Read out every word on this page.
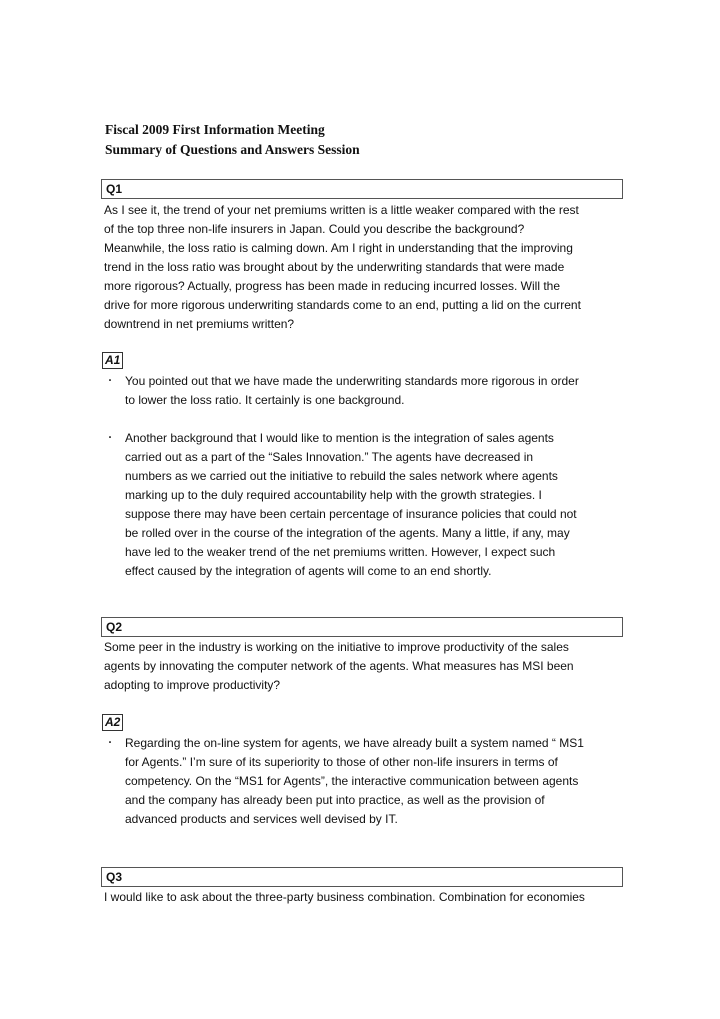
Fiscal 2009 First Information Meeting
Summary of Questions and Answers Session
Q1
As I see it, the trend of your net premiums written is a little weaker compared with the rest
of the top three non-life insurers in Japan. Could you describe the background?
Meanwhile, the loss ratio is calming down. Am I right in understanding that the improving
trend in the loss ratio was brought about by the underwriting standards that were made
more rigorous? Actually, progress has been made in reducing incurred losses. Will the
drive for more rigorous underwriting standards come to an end, putting a lid on the current
downtrend in net premiums written?
A1
・ You pointed out that we have made the underwriting standards more rigorous in order
to lower the loss ratio. It certainly is one background.
・ Another background that I would like to mention is the integration of sales agents
carried out as a part of the “Sales Innovation.” The agents have decreased in
numbers as we carried out the initiative to rebuild the sales network where agents
marking up to the duly required accountability help with the growth strategies. I
suppose there may have been certain percentage of insurance policies that could not
be rolled over in the course of the integration of the agents. Many a little, if any, may
have led to the weaker trend of the net premiums written. However, I expect such
effect caused by the integration of agents will come to an end shortly.
Q2
Some peer in the industry is working on the initiative to improve productivity of the sales
agents by innovating the computer network of the agents. What measures has MSI been
adopting to improve productivity?
A2
・ Regarding the on-line system for agents, we have already built a system named “ MS1
for Agents.” I’m sure of its superiority to those of other non-life insurers in terms of
competency. On the “MS1 for Agents”, the interactive communication between agents
and the company has already been put into practice, as well as the provision of
advanced products and services well devised by IT.
Q3
I would like to ask about the three-party business combination. Combination for economies
